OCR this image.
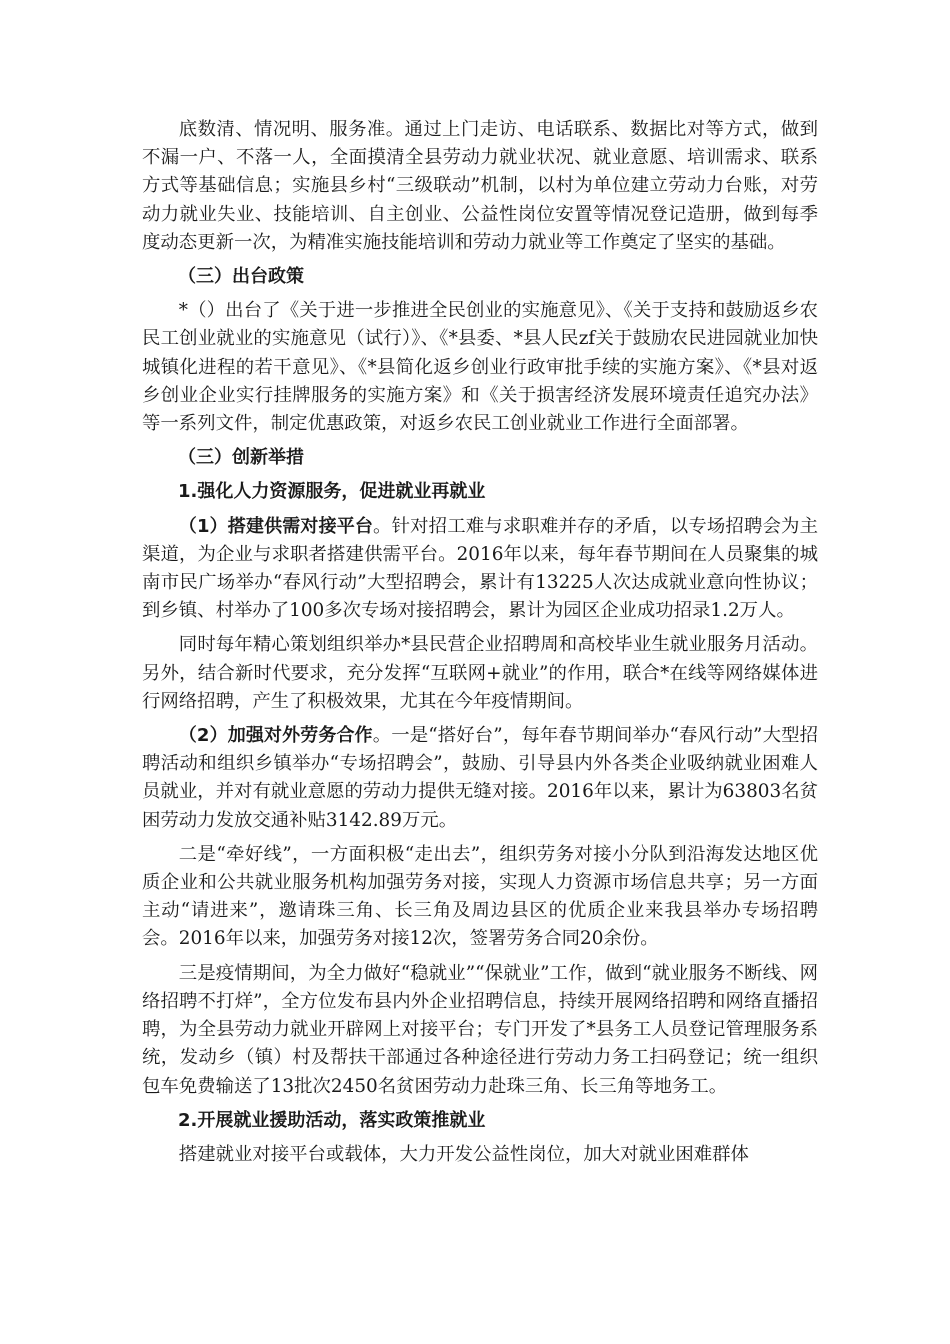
底数清、情况明、服务准。通过上门走访、电话联系、数据比对等方式，做到不漏一户、不落一人，全面摸清全县劳动力就业状况、就业意愿、培训需求、联系方式等基础信息；实施县乡村“三级联动”机制，以村为单位建立劳动力台账，对劳动力就业失业、技能培训、自主创业、公益性岗位安置等情况登记造册，做到每季度动态更新一次，为精准实施技能培训和劳动力就业等工作奠定了坚实的基础。

（三）出台政策

*（）出台了《关于进一步推进全民创业的实施意见》、《关于支持和鼓励返乡农民工创业就业的实施意见（试行）》、《*县委、*县人民zf关于鼓励农民进园就业加快城镇化进程的若干意见》、《*县简化返乡创业行政审批手续的实施方案》、《*县对返乡创业企业实行挂牌服务的实施方案》和《关于损害经济发展环境责任追究办法》等一系列文件，制定优惠政策，对返乡农民工创业就业工作进行全面部署。

（三）创新举措

1.强化人力资源服务，促进就业再就业

（1）搭建供需对接平台。针对招工难与求职难并存的矛盾，以专场招聘会为主渠道，为企业与求职者搭建供需平台。2016年以来，每年春节期间在人员聚集的城南市民广场举办“春风行动”大型招聘会，累计有13225人次达成就业意向性协议；到乡镇、村举办了100多次专场对接招聘会，累计为园区企业成功招录1.2万人。

同时每年精心策划组织举办*县民营企业招聘周和高校毕业生就业服务月活动。另外，结合新时代要求，充分发挥“互联网+就业”的作用，联合*在线等网络媒体进行网络招聘，产生了积极效果，尤其在今年疫情期间。

（2）加强对外劳务合作。一是“搭好台”，每年春节期间举办“春风行动”大型招聘活动和组织乡镇举办“专场招聘会”，鼓励、引导县内外各类企业吸纳就业困难人员就业，并对有就业意愿的劳动力提供无缝对接。2016年以来，累计为63803名贫困劳动力发放交通补贴3142.89万元。

二是“牵好线”，一方面积极“走出去”，组织劳务对接小分队到沿海发达地区优质企业和公共就业服务机构加强劳务对接，实现人力资源市场信息共享；另一方面主动“请进来”，邀请珠三角、长三角及周边县区的优质企业来我县举办专场招聘会。2016年以来，加强劳务对接12次，签署劳务合同20余份。

三是疫情期间，为全力做好“稳就业”“保就业”工作，做到“就业服务不断线、网络招聘不打烊”，全方位发布县内外企业招聘信息，持续开展网络招聘和网络直播招聘，为全县劳动力就业开辟网上对接平台；专门开发了*县务工人员登记管理服务系统，发动乡（镇）村及帮扶干部通过各种途径进行劳动力务工扫码登记；统一组织包车免费输送了13批次2450名贫困劳动力赴珠三角、长三角等地务工。

2.开展就业援助活动，落实政策推就业

搭建就业对接平台或载体，大力开发公益性岗位，加大对就业困难群体
